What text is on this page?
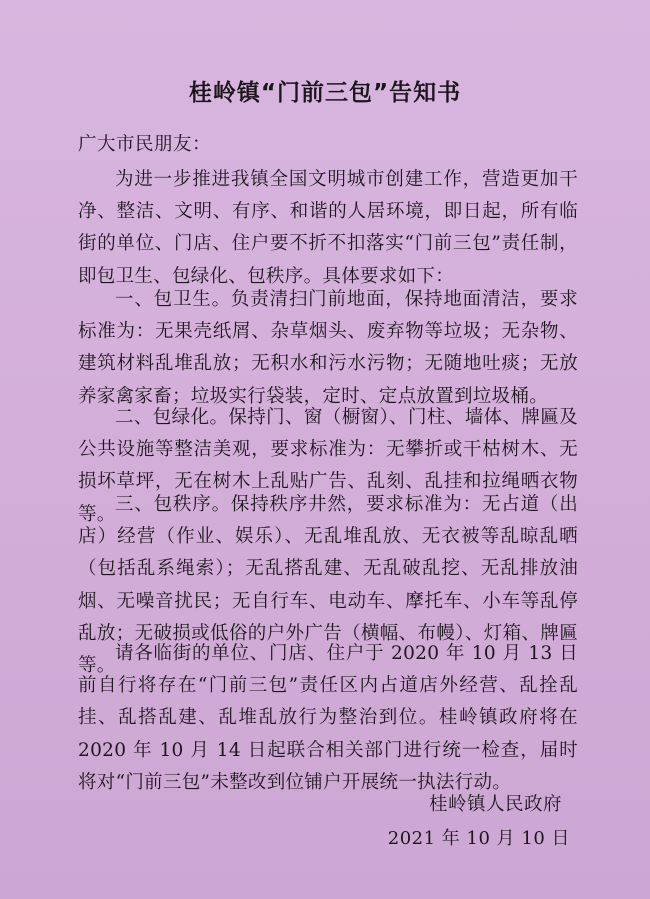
桂岭镇“门前三包”告知书
广大市民朋友：

为进一步推进我镇全国文明城市创建工作，营造更加干净、整洁、文明、有序、和谐的人居环境，即日起，所有临街的单位、门店、住户要不折不扣落实“门前三包”责任制，即包卫生、包绿化、包秩序。具体要求如下：

一、包卫生。负责清扫门前地面，保持地面清洁，要求标准为：无果壳纸屑、杂草烟头、废弃物等垃圾；无杂物、建筑材料乱堆乱放；无积水和污水污物；无随地吐痰；无放养家禽家畜；垃圾实行袋装，定时、定点放置到垃圾桶。

二、包绿化。保持门、窗（橱窗）、门柱、墙体、牌匾及公共设施等整洁美观，要求标准为：无攀折或干枯树木、无损坏草坪，无在树木上乱贴广告、乱刻、乱挂和拉绳晒衣物等。 三、包秩序。保持秩序井然，要求标准为：无占道（出店）经营（作业、娱乐）、无乱堆乱放、无衣被等乱晾乱晒（包括乱系绳索）；无乱搭乱建、无乱破乱挖、无乱排放油烟、无噪音扰民；无自行车、电动车、摩托车、小车等乱停乱放；无破损或低俗的户外广告（横幅、布幔）、灯箱、牌匾等。

请各临街的单位、门店、住户于 2020 年 10 月 13 日前自行将存在“门前三包”责任区内占道店外经营、乱拴乱挂、乱搭乱建、乱堆乱放行为整治到位。桂岭镇政府将在 2020 年 10 月 14 日起联合相关部门进行统一检查，届时将对“门前三包”未整改到位铺户开展统一执法行动。

桂岭镇人民政府
2021 年 10 月 10 日
